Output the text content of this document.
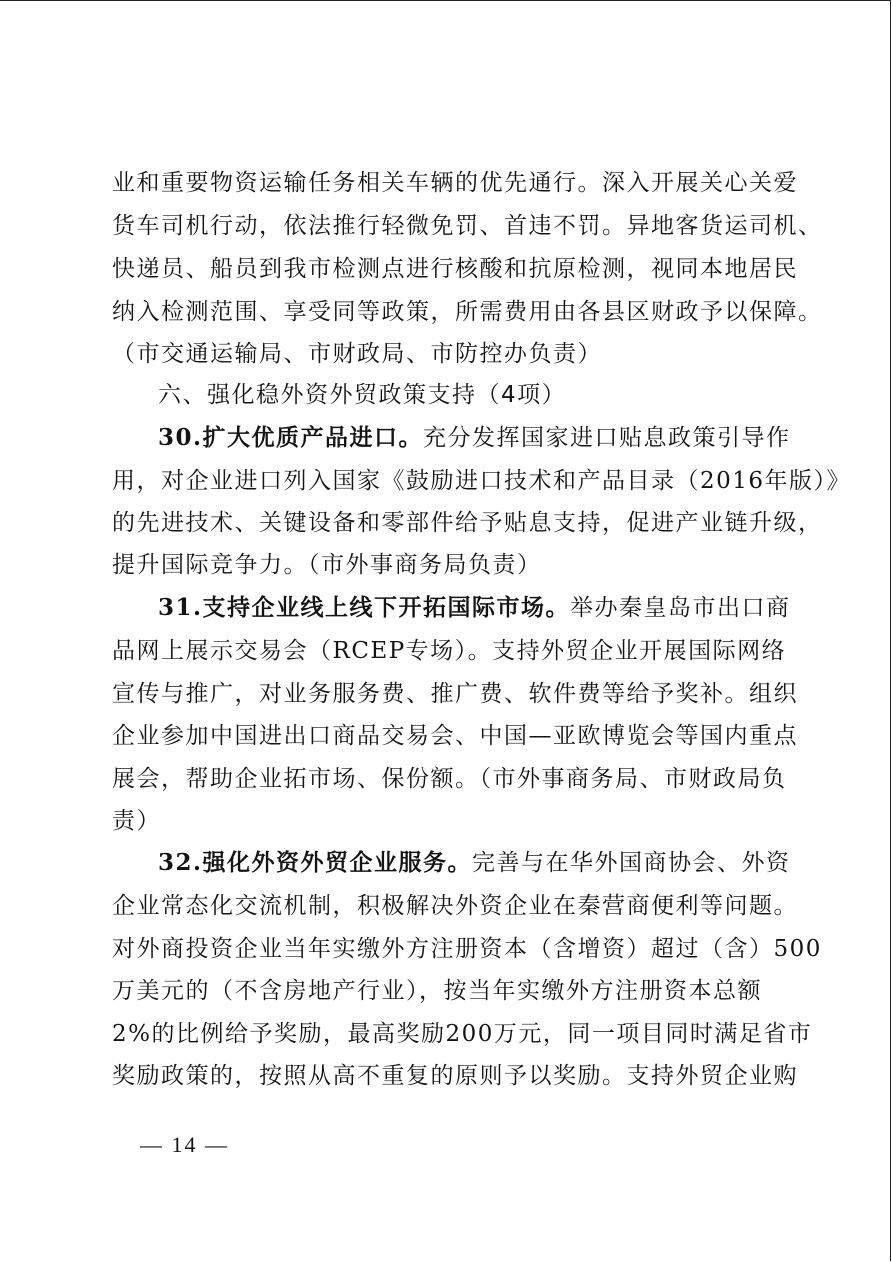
业和重要物资运输任务相关车辆的优先通行。深入开展关心关爱
货车司机行动，依法推行轻微免罚、首违不罚。异地客货运司机、
快递员、船员到我市检测点进行核酸和抗原检测，视同本地居民
纳入检测范围、享受同等政策，所需费用由各县区财政予以保障。
（市交通运输局、市财政局、市防控办负责）
六、强化稳外资外贸政策支持（4项）
30.扩大优质产品进口。充分发挥国家进口贴息政策引导作
用，对企业进口列入国家《鼓励进口技术和产品目录（2016年版）》
的先进技术、关键设备和零部件给予贴息支持，促进产业链升级，
提升国际竞争力。（市外事商务局负责）
31.支持企业线上线下开拓国际市场。举办秦皇岛市出口商
品网上展示交易会（RCEP专场）。支持外贸企业开展国际网络
宣传与推广，对业务服务费、推广费、软件费等给予奖补。组织
企业参加中国进出口商品交易会、中国—亚欧博览会等国内重点
展会，帮助企业拓市场、保份额。（市外事商务局、市财政局负
责）
32.强化外资外贸企业服务。完善与在华外国商协会、外资
企业常态化交流机制，积极解决外资企业在秦营商便利等问题。
对外商投资企业当年实缴外方注册资本（含增资）超过（含）500
万美元的（不含房地产行业），按当年实缴外方注册资本总额
2%的比例给予奖励，最高奖励200万元，同一项目同时满足省市
奖励政策的，按照从高不重复的原则予以奖励。支持外贸企业购
— 14 —
